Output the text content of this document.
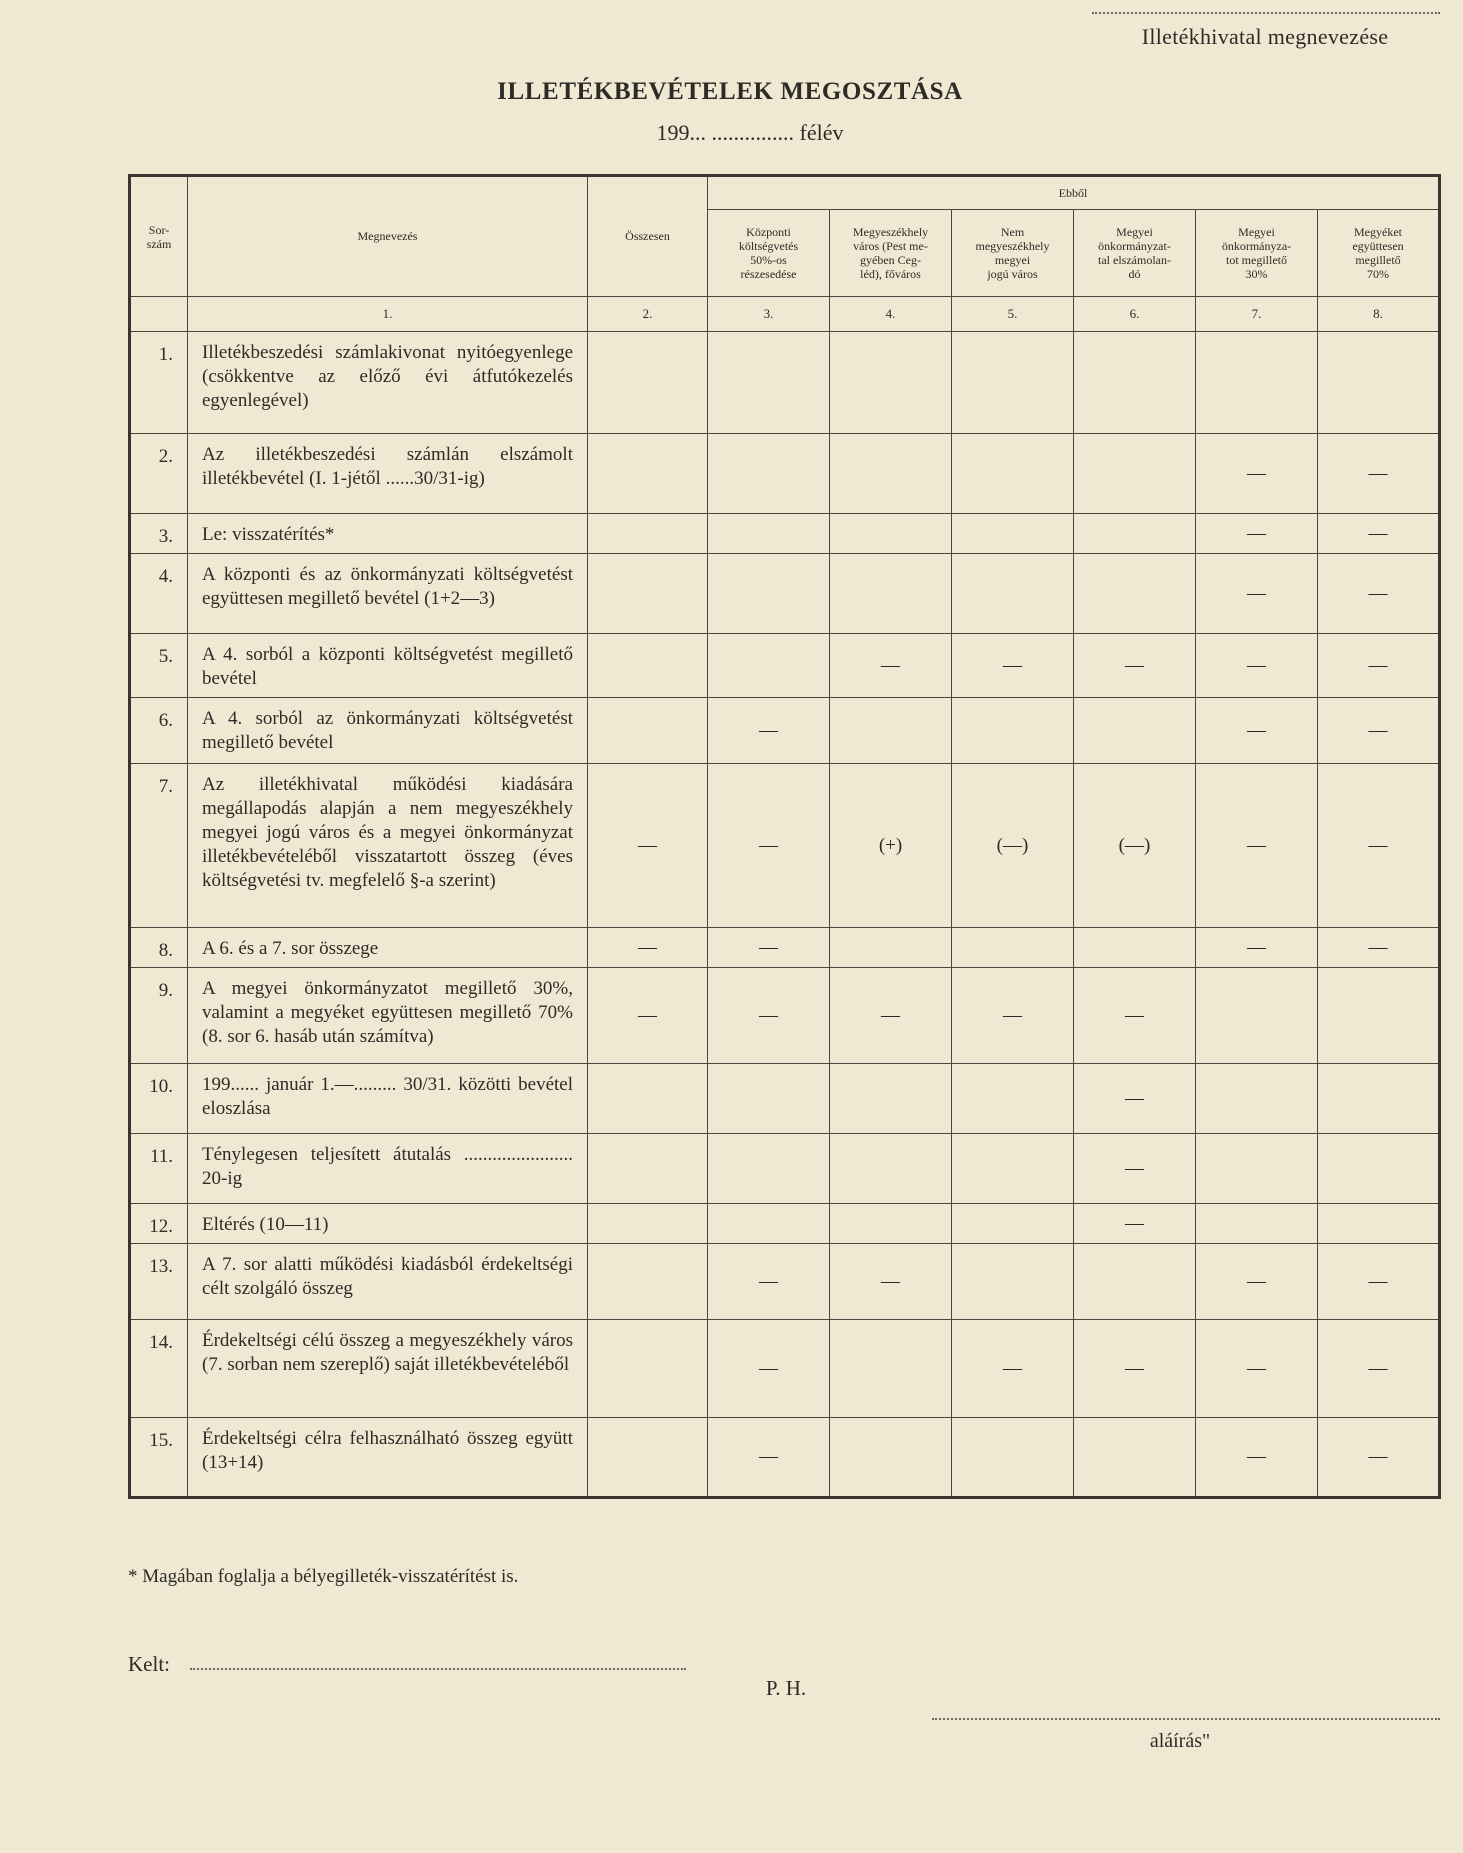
Illetékhivatal megnevezése
ILLETÉKBEVÉTELEK MEGOSZTÁSA
199... ............... félév
Sor-
szám	Megnevezés	Összesen	Ebből					
			Központi
költségvetés
50%-os
részesedése	Megyeszékhely
város (Pest me-
gyében Ceg-
léd), főváros	Nem
megyeszékhely
megyei
jogú város	Megyei
önkormányzat-
tal elszámolan-
dó	Megyei
önkormányza-
tot megillető
30%	Megyéket
együttesen
megillető
70%
	1.	2.	3.	4.	5.	6.	7.	8.
1.	Illetékbeszedési számlakivonat nyitóegyenlege (csökkentve az előző évi átfutókezelés egyenlegével)							
2.	Az illetékbeszedési számlán elszámolt illetékbevétel (I. 1-jétől ......30/31-ig)						—	—
3.	Le: visszatérítés*						—	—
4.	A központi és az önkormányzati költségvetést együttesen megillető bevétel (1+2—3)						—	—
5.	A 4. sorból a központi költségvetést megillető bevétel			—	—	—	—	—
6.	A 4. sorból az önkormányzati költségvetést megillető bevétel		—				—	—
7.	Az illetékhivatal működési kiadására megállapodás alapján a nem megyeszékhely megyei jogú város és a megyei önkormányzat illetékbevételéből visszatartott összeg (éves költségvetési tv. megfelelő §-a szerint)	—	—	(+)	(—)	(—)	—	—
8.	A 6. és a 7. sor összege	—	—				—	—
9.	A megyei önkormányzatot megillető 30%, valamint a megyéket együttesen megillető 70% (8. sor 6. hasáb után számítva)	—	—	—	—	—		
10.	199...... január 1.—......... 30/31. közötti bevétel eloszlása					—		
11.	Ténylegesen teljesített átutalás ....................... 20-ig					—		
12.	Eltérés (10—11)					—		
13.	A 7. sor alatti működési kiadásból érdekeltségi célt szolgáló összeg		—	—			—	—
14.	Érdekeltségi célú összeg a megyeszékhely város (7. sorban nem szereplő) saját illetékbevételéből		—		—	—	—	—
15.	Érdekeltségi célra felhasználható összeg együtt (13+14)		—				—	—
* Magában foglalja a bélyegilleték-visszatérítést is.
Kelt:
P. H.
aláírás"
